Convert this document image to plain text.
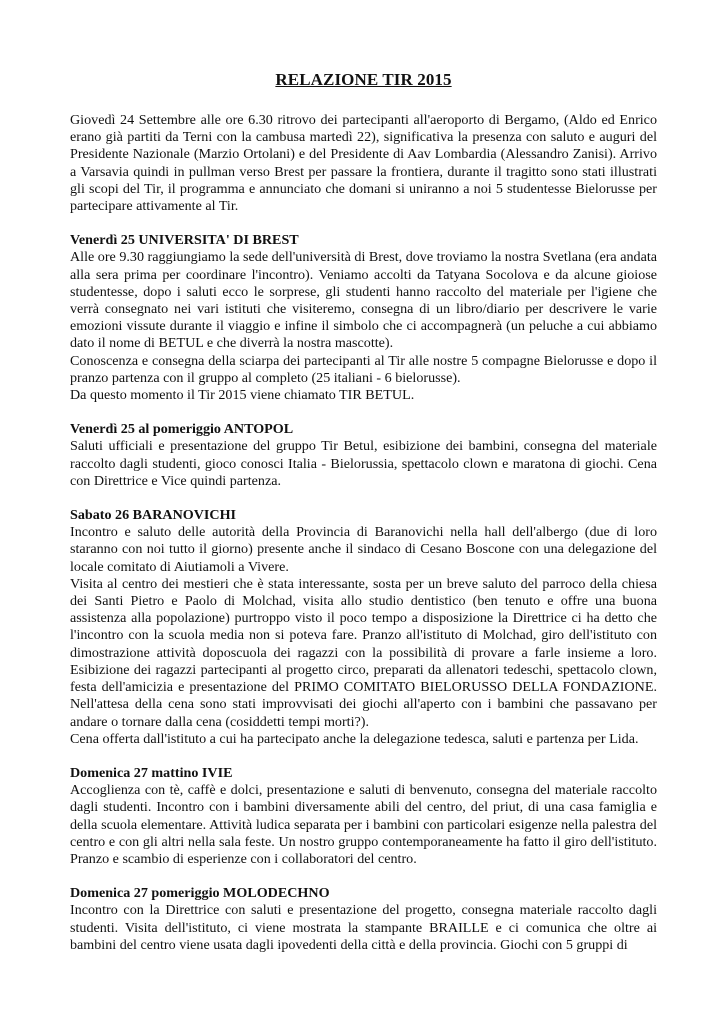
RELAZIONE TIR 2015

Giovedì 24 Settembre alle ore 6.30 ritrovo dei partecipanti all'aeroporto di Bergamo, (Aldo ed Enrico erano già partiti da Terni con la cambusa martedì 22), significativa la presenza con saluto e auguri del Presidente Nazionale (Marzio Ortolani) e del Presidente di Aav Lombardia (Alessandro Zanisi). Arrivo a Varsavia quindi in pullman verso Brest per passare la frontiera, durante il tragitto sono stati illustrati gli scopi del Tir, il programma e annunciato che domani si uniranno a noi 5 studentesse Bielorusse per partecipare attivamente al Tir.

Venerdì 25 UNIVERSITA' DI BREST

Alle ore 9.30 raggiungiamo la sede dell'università di Brest, dove troviamo la nostra Svetlana (era andata alla sera prima per coordinare l'incontro). Veniamo accolti da Tatyana Socolova e da alcune gioiose studentesse, dopo i saluti ecco le sorprese, gli studenti hanno raccolto del materiale per l'igiene che verrà consegnato nei vari istituti che visiteremo, consegna di un libro/diario per descrivere le varie emozioni vissute durante il viaggio e infine il simbolo che ci accompagnerà (un peluche a cui abbiamo dato il nome di BETUL e che diverrà la nostra mascotte).

Conoscenza e consegna della sciarpa dei partecipanti al Tir alle nostre 5 compagne Bielorusse e dopo il pranzo partenza con il gruppo al completo (25 italiani - 6 bielorusse).

Da questo momento il Tir 2015 viene chiamato TIR BETUL.

Venerdì 25 al pomeriggio ANTOPOL

Saluti ufficiali e presentazione del gruppo Tir Betul, esibizione dei bambini, consegna del materiale raccolto dagli studenti, gioco conosci Italia - Bielorussia, spettacolo clown e maratona di giochi. Cena con Direttrice e Vice quindi partenza.

Sabato 26 BARANOVICHI

Incontro e saluto delle autorità della Provincia di Baranovichi nella hall dell'albergo (due di loro staranno con noi tutto il giorno) presente anche il sindaco di Cesano Boscone con una delegazione del locale comitato di Aiutiamoli a Vivere.

Visita al centro dei mestieri che è stata interessante, sosta per un breve saluto del parroco della chiesa dei Santi Pietro e Paolo di Molchad, visita allo studio dentistico (ben tenuto e offre una buona assistenza alla popolazione) purtroppo visto il poco tempo a disposizione la Direttrice ci ha detto che l'incontro con la scuola media non si poteva fare. Pranzo all'istituto di Molchad, giro dell'istituto con dimostrazione attività doposcuola dei ragazzi con la possibilità di provare a farle insieme a loro. Esibizione dei ragazzi partecipanti al progetto circo, preparati da allenatori tedeschi, spettacolo clown, festa dell'amicizia e presentazione del PRIMO COMITATO BIELORUSSO DELLA FONDAZIONE. Nell'attesa della cena sono stati improvvisati dei giochi all'aperto con i bambini che passavano per andare o tornare dalla cena (cosiddetti tempi morti?).

Cena offerta dall'istituto a cui ha partecipato anche la delegazione tedesca, saluti e partenza per Lida.

Domenica 27 mattino IVIE

Accoglienza con tè, caffè e dolci, presentazione e saluti di benvenuto, consegna del materiale raccolto dagli studenti. Incontro con i bambini diversamente abili del centro, del priut, di una casa famiglia e della scuola elementare. Attività ludica separata per i bambini con particolari esigenze nella palestra del centro e con gli altri nella sala feste. Un nostro gruppo contemporaneamente ha fatto il giro dell'istituto. Pranzo e scambio di esperienze con i collaboratori del centro.

Domenica 27 pomeriggio MOLODECHNO

Incontro con la Direttrice con saluti e presentazione del progetto, consegna materiale raccolto dagli studenti. Visita dell'istituto, ci viene mostrata la stampante BRAILLE e ci comunica che oltre ai bambini del centro viene usata dagli ipovedenti della città e della provincia. Giochi con 5 gruppi di
